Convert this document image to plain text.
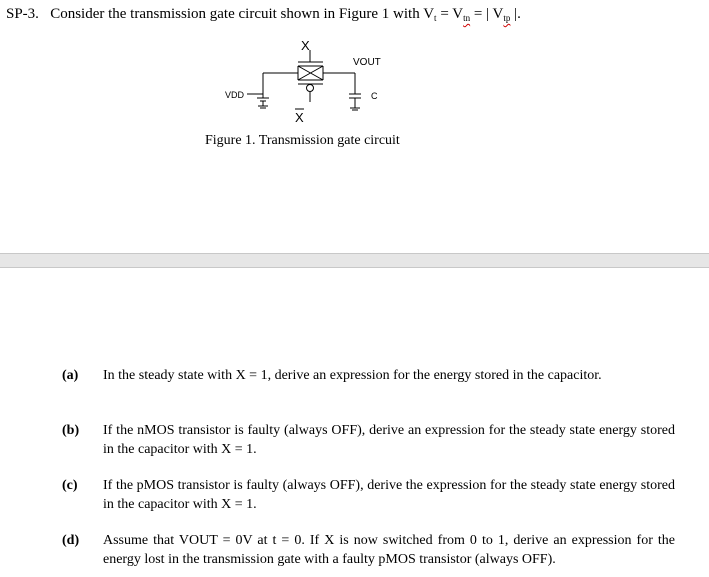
SP-3. Consider the transmission gate circuit shown in Figure 1 with Vt = Vtn = | Vtp |.
X
VOUT
VDD	C
X
Figure 1. Transmission gate circuit
(a) In the steady state with X = 1, derive an expression for the energy stored in the capacitor.
(b) If the nMOS transistor is faulty (always OFF), derive an expression for the steady state energy stored in the capacitor with X = 1.
(c) If the pMOS transistor is faulty (always OFF), derive the expression for the steady state energy stored in the capacitor with X = 1.
(d) Assume that VOUT = 0V at t = 0. If X is now switched from 0 to 1, derive an expression for the energy lost in the transmission gate with a faulty pMOS transistor (always OFF).
